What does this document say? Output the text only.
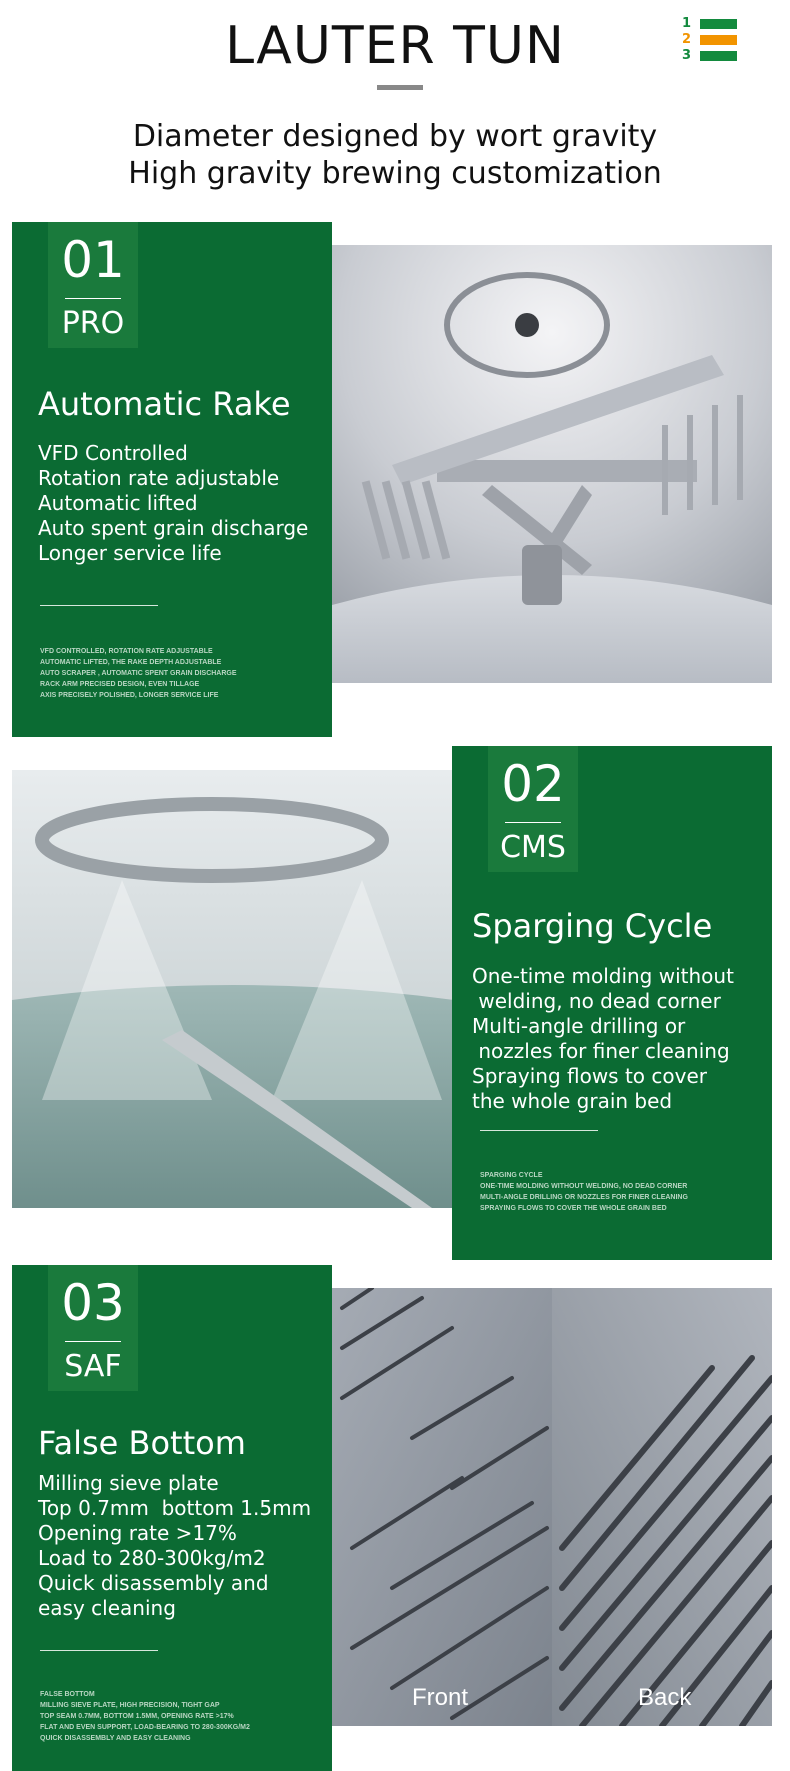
LAUTER TUN	1
2
3
Diameter designed by wort gravity
High gravity brewing customization
01
PRO
Automatic Rake
VFD Controlled
Rotation rate adjustable
Automatic lifted
Auto spent grain discharge
Longer service life
VFD CONTROLLED, ROTATION RATE ADJUSTABLE
AUTOMATIC LIFTED, THE RAKE DEPTH ADJUSTABLE
AUTO SCRAPER , AUTOMATIC SPENT GRAIN DISCHARGE
RACK ARM PRECISED DESIGN, EVEN TILLAGE
AXIS PRECISELY POLISHED, LONGER SERVICE LIFE
02
CMS
Sparging Cycle
One-time molding without
welding, no dead corner
Multi-angle drilling or
nozzles for finer cleaning
Spraying flows to cover
the whole grain bed
SPARGING CYCLE
ONE-TIME MOLDING WITHOUT WELDING, NO DEAD CORNER
MULTI-ANGLE DRILLING OR NOZZLES FOR FINER CLEANING
SPRAYING FLOWS TO COVER THE WHOLE GRAIN BED
03
SAF
False Bottom
Milling sieve plate
Top 0.7mm  bottom 1.5mm
Opening rate >17%
Load to 280-300kg/m2
Quick disassembly and
easy cleaning
FALSE BOTTOM
MILLING SIEVE PLATE, HIGH PRECISION, TIGHT GAP
TOP SEAM 0.7MM, BOTTOM 1.5MM, OPENING RATE >17%
FLAT AND EVEN SUPPORT, LOAD-BEARING TO 280-300KG/M2
QUICK DISASSEMBLY AND EASY CLEANING
Front	Back
